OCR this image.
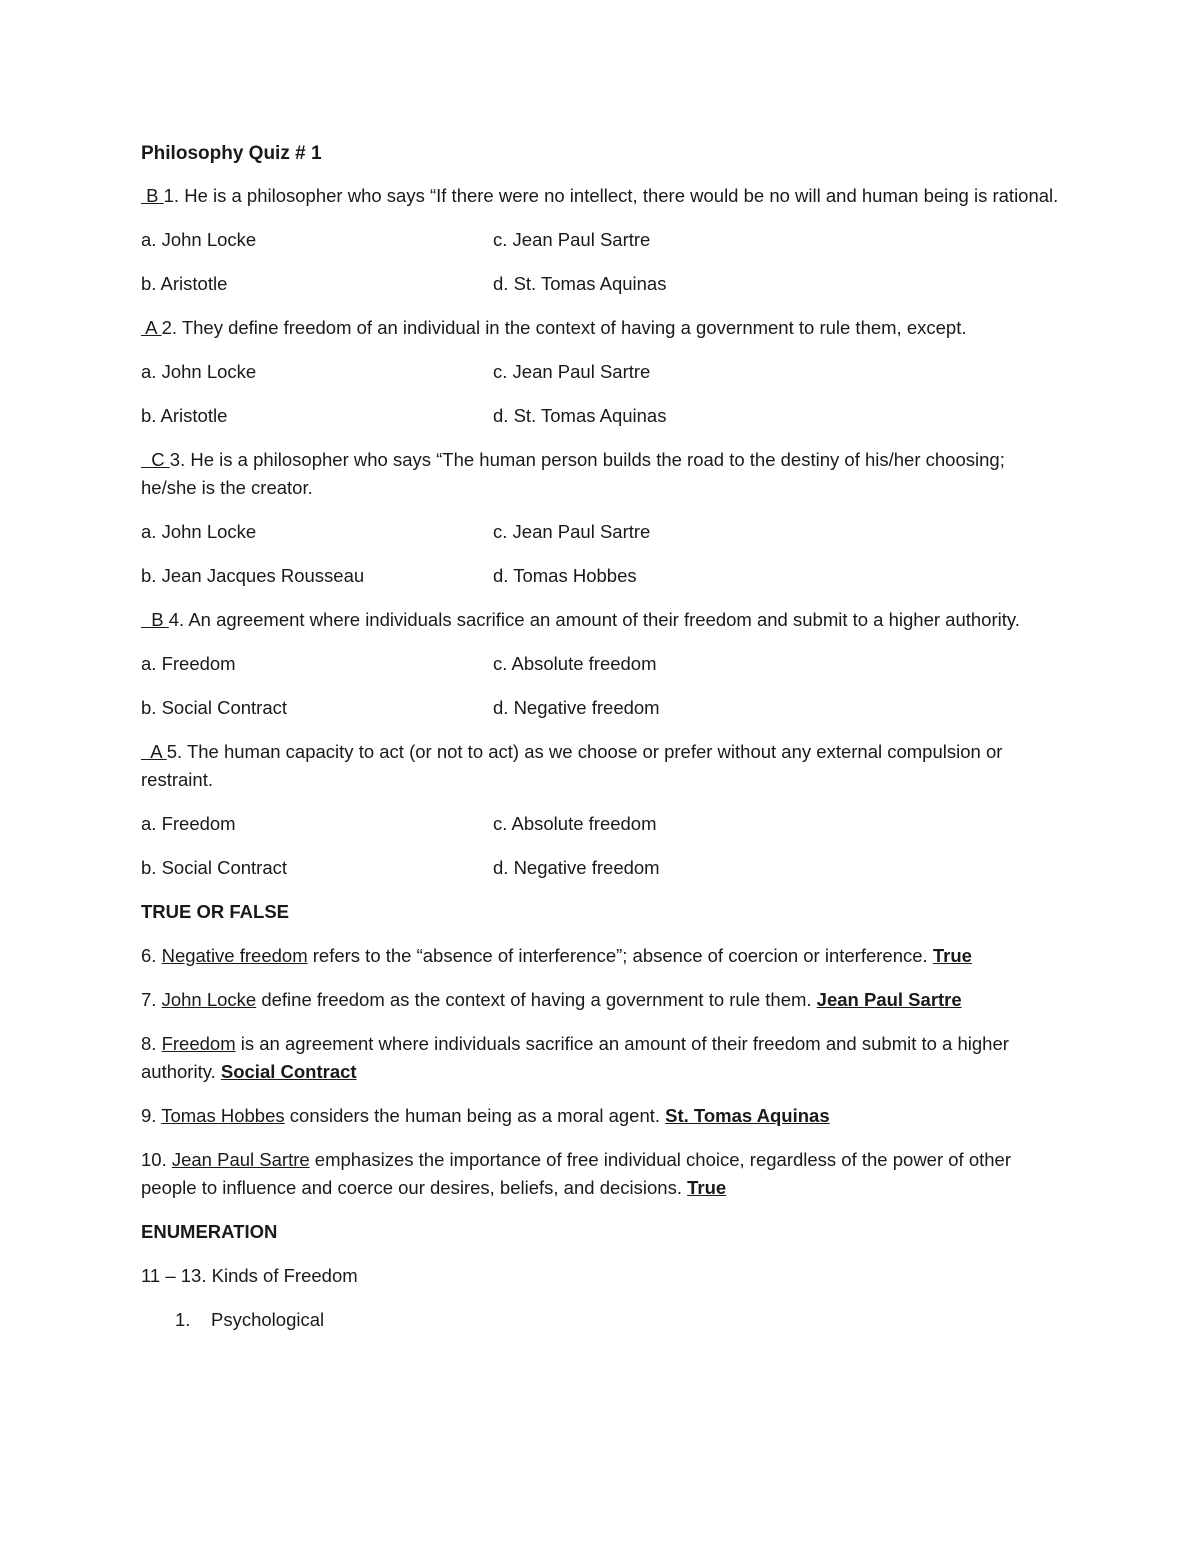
Philosophy Quiz # 1
B 1. He is a philosopher who says “If there were no intellect, there would be no will and human being is rational.
a. John Locke	c. Jean Paul Sartre
b. Aristotle	d. St. Tomas Aquinas
A 2. They define freedom of an individual in the context of having a government to rule them, except.
a. John Locke	c. Jean Paul Sartre
b. Aristotle	d. St. Tomas Aquinas
C 3. He is a philosopher who says “The human person builds the road to the destiny of his/her choosing; he/she is the creator.
a. John Locke	c. Jean Paul Sartre
b. Jean Jacques Rousseau	d. Tomas Hobbes
B 4. An agreement where individuals sacrifice an amount of their freedom and submit to a higher authority.
a. Freedom	c. Absolute freedom
b. Social Contract	d. Negative freedom
A 5. The human capacity to act (or not to act) as we choose or prefer without any external compulsion or restraint.
a. Freedom	c. Absolute freedom
b. Social Contract	d. Negative freedom
TRUE OR FALSE
6. Negative freedom refers to the “absence of interference”; absence of coercion or interference. True
7. John Locke define freedom as the context of having a government to rule them. Jean Paul Sartre
8. Freedom is an agreement where individuals sacrifice an amount of their freedom and submit to a higher authority. Social Contract
9. Tomas Hobbes considers the human being as a moral agent. St. Tomas Aquinas
10. Jean Paul Sartre emphasizes the importance of free individual choice, regardless of the power of other people to influence and coerce our desires, beliefs, and decisions. True
ENUMERATION
11 – 13. Kinds of Freedom
1. Psychological
